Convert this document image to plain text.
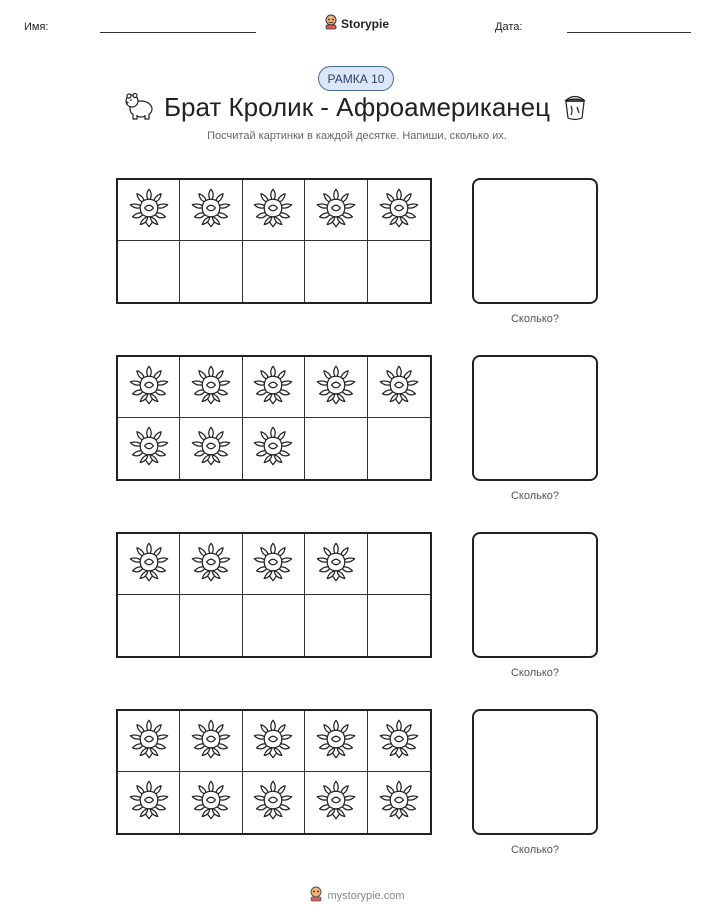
Имя:	Storypie	Дата:
РАМКА 10
Брат Кролик - Афроамериканец
Посчитай картинки в каждой десятке. Напиши, сколько их.
Сколько?
Сколько?
Сколько?
Сколько?
mystorypie.com
